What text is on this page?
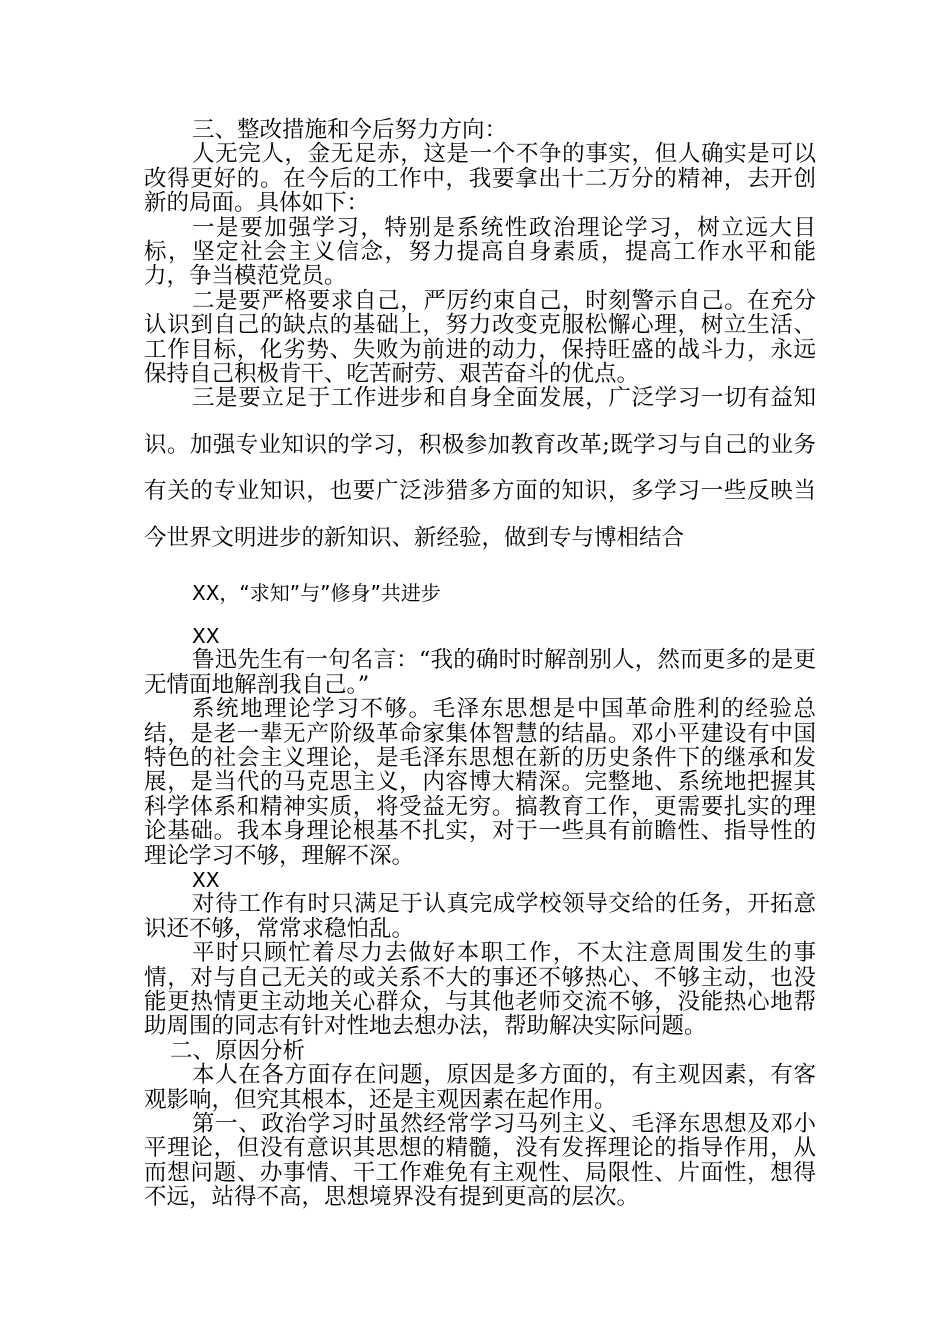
三、整改措施和今后努力方向：

人无完人，金无足赤，这是一个不争的事实，但人确实是可以改得更好的。在今后的工作中，我要拿出十二万分的精神，去开创新的局面。具体如下：

一是要加强学习，特别是系统性政治理论学习，树立远大目标，坚定社会主义信念，努力提高自身素质，提高工作水平和能力，争当模范党员。

二是要严格要求自己，严厉约束自己，时刻警示自己。在充分认识到自己的缺点的基础上，努力改变克服松懈心理，树立生活、工作目标，化劣势、失败为前进的动力，保持旺盛的战斗力，永远保持自己积极肯干、吃苦耐劳、艰苦奋斗的优点。

三是要立足于工作进步和自身全面发展，广泛学习一切有益知识。加强专业知识的学习，积极参加教育改革;既学习与自己的业务有关的专业知识，也要广泛涉猎多方面的知识，多学习一些反映当今世界文明进步的新知识、新经验，做到专与博相结合

XX，“求知”与”修身”共进步

XX

鲁迅先生有一句名言：“我的确时时解剖别人，然而更多的是更无情面地解剖我自己。”

系统地理论学习不够。毛泽东思想是中国革命胜利的经验总结，是老一辈无产阶级革命家集体智慧的结晶。邓小平建设有中国特色的社会主义理论，是毛泽东思想在新的历史条件下的继承和发展，是当代的马克思主义，内容博大精深。完整地、系统地把握其科学体系和精神实质，将受益无穷。搞教育工作，更需要扎实的理论基础。我本身理论根基不扎实，对于一些具有前瞻性、指导性的理论学习不够，理解不深。

XX

对待工作有时只满足于认真完成学校领导交给的任务，开拓意识还不够，常常求稳怕乱。

平时只顾忙着尽力去做好本职工作，不太注意周围发生的事情，对与自己无关的或关系不大的事还不够热心、不够主动，也没能更热情更主动地关心群众，与其他老师交流不够，没能热心地帮助周围的同志有针对性地去想办法，帮助解决实际问题。

二、原因分析

本人在各方面存在问题，原因是多方面的，有主观因素，有客观影响，但究其根本，还是主观因素在起作用。

第一、政治学习时虽然经常学习马列主义、毛泽东思想及邓小平理论，但没有意识其思想的精髓，没有发挥理论的指导作用，从而想问题、办事情、干工作难免有主观性、局限性、片面性，想得不远，站得不高，思想境界没有提到更高的层次。
